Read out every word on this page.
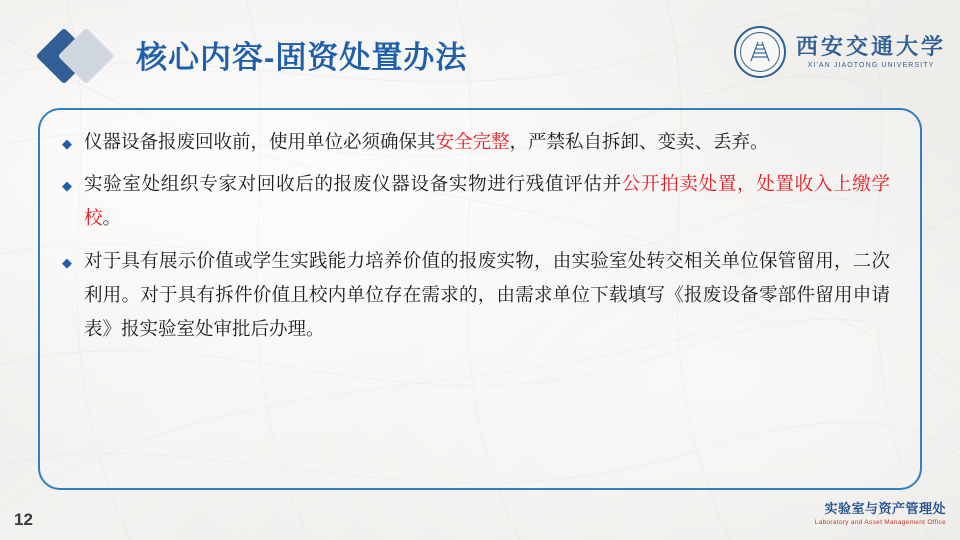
核心内容-固资处置办法	西安交通大学
XI'AN JIAOTONG UNIVERSITY
◆ 仪器设备报废回收前，使用单位必须确保其安全完整，严禁私自拆卸、变卖、丢弃。
◆ 实验室处组织专家对回收后的报废仪器设备实物进行残值评估并公开拍卖处置，处置收入上缴学校。
◆ 对于具有展示价值或学生实践能力培养价值的报废实物，由实验室处转交相关单位保管留用，二次利用。对于具有拆件价值且校内单位存在需求的，由需求单位下载填写《报废设备零部件留用申请表》报实验室处审批后办理。
12
实验室与资产管理处
Laboratory and Asset Management Office
